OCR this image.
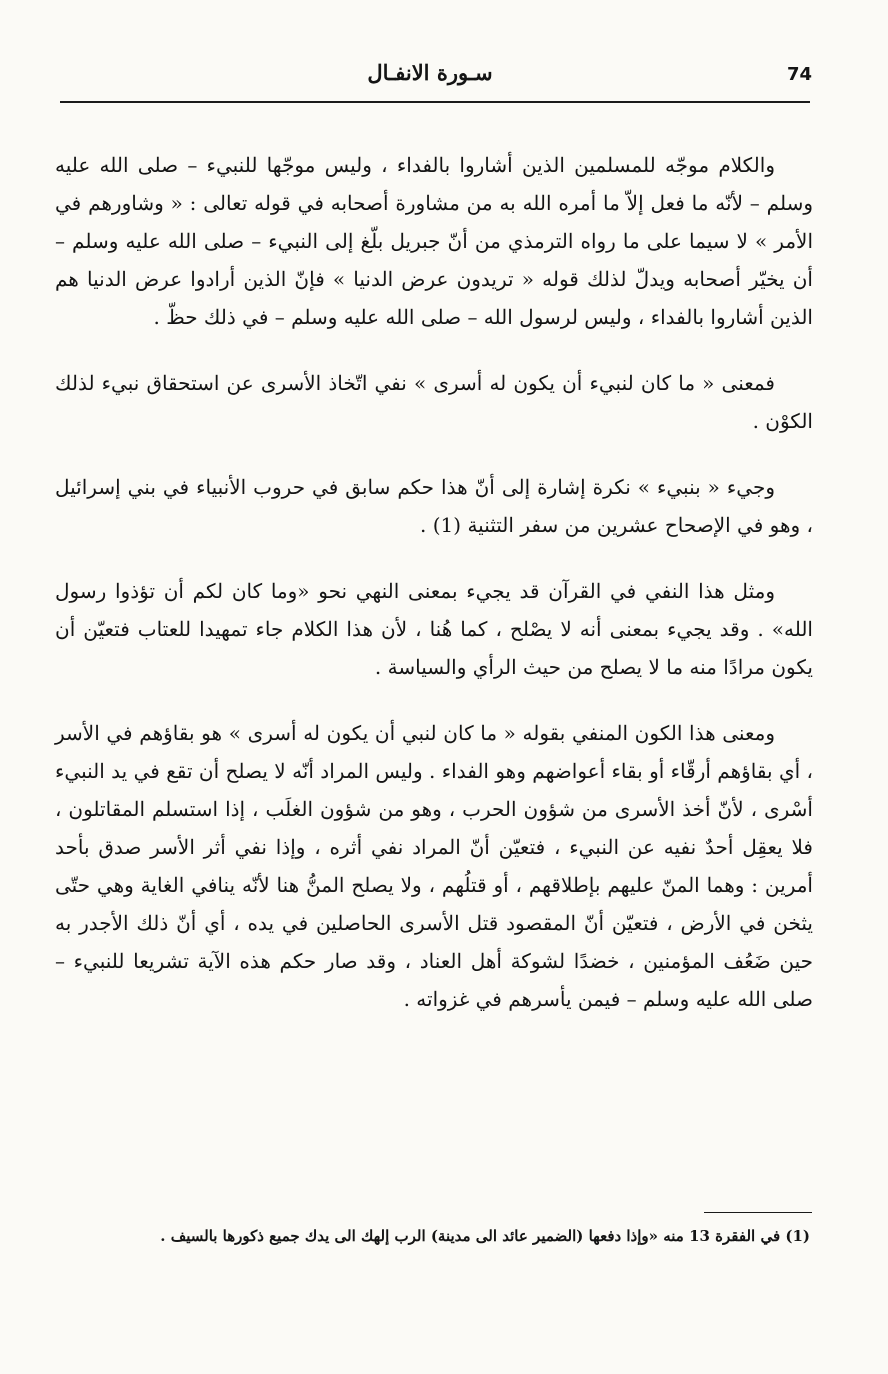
74
سـورة الانفـال

والكلام موجّه للمسلمين الذين أشاروا بالفداء ، وليس موجّها للنبيء – صلى الله عليه وسلم – لأنّه ما فعل إلاّ ما أمره الله به من مشاورة أصحابه في قوله تعالى : « وشاورهم في الأمر » لا سيما على ما رواه الترمذي من أنّ جبريل بلّغ إلى النبيء – صلى الله عليه وسلم – أن يخيّر أصحابه ويدلّ لذلك قوله « تريدون عرض الدنيا » فإنّ الذين أرادوا عرض الدنيا هم الذين أشاروا بالفداء ، وليس لرسول الله – صلى الله عليه وسلم – في ذلك حظّ .

فمعنى « ما كان لنبيء أن يكون له أسرى » نفي اتّخاذ الأسرى عن استحقاق نبيء لذلك الكوْن .

وجيء « بنبيء » نكرة إشارة إلى أنّ هذا حكم سابق في حروب الأنبياء في بني إسرائيل ، وهو في الإصحاح عشرين من سفر التثنية (1) .

ومثل هذا النفي في القرآن قد يجيء بمعنى النهي نحو «وما كان لكم أن تؤذوا رسول الله» . وقد يجيء بمعنى أنه لا يصْلح ، كما هُنا ، لأن هذا الكلام جاء تمهيدا للعتاب فتعيّن أن يكون مرادًا منه ما لا يصلح من حيث الرأي والسياسة .

ومعنى هذا الكون المنفي بقوله « ما كان لنبي أن يكون له أسرى » هو بقاؤهم في الأسر ، أي بقاؤهم أرقّاء أو بقاء أعواضهم وهو الفداء . وليس المراد أنّه لا يصلح أن تقع في يد النبيء أسْرى ، لأنّ أخذ الأسرى من شؤون الحرب ، وهو من شؤون الغلَب ، إذا استسلم المقاتلون ، فلا يعقِل أحدٌ نفيه عن النبيء ، فتعيّن أنّ المراد نفي أثره ، وإذا نفي أثر الأسر صدق بأحد أمرين : وهما المنّ عليهم بإطلاقهم ، أو قتلُهم ، ولا يصلح المنُّ هنا لأنّه ينافي الغاية وهي حتّى يثخن في الأرض ، فتعيّن أنّ المقصود قتل الأسرى الحاصلين في يده ، أي أنّ ذلك الأجدر به حين ضَعُف المؤمنين ، خضدًا لشوكة أهل العناد ، وقد صار حكم هذه الآية تشريعا للنبيء – صلى الله عليه وسلم – فيمن يأسرهم في غزواته .

(1) في الفقرة 13 منه «وإذا دفعها (الضمير عائد الى مدينة) الرب إلهك الى يدك جميع ذكورها بالسيف .
